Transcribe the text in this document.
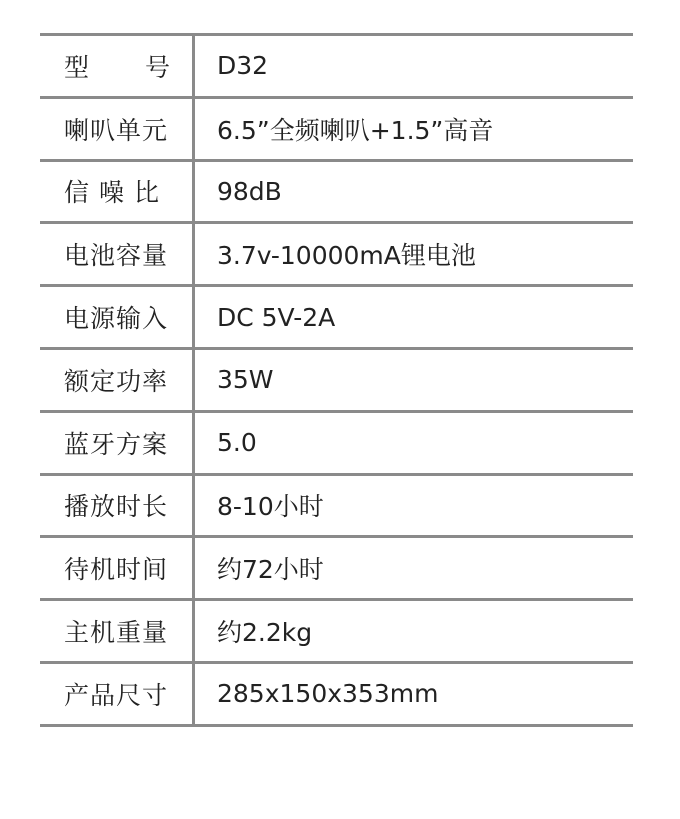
型 号	D32
喇叭单元	6.5”全频喇叭+1.5”高音
信噪比	98dB
电池容量	3.7v-10000mA锂电池
电源输入	DC 5V-2A
额定功率	35W
蓝牙方案	5.0
播放时长	8-10小时
待机时间	约72小时
主机重量	约2.2kg
产品尺寸	285x150x353mm
